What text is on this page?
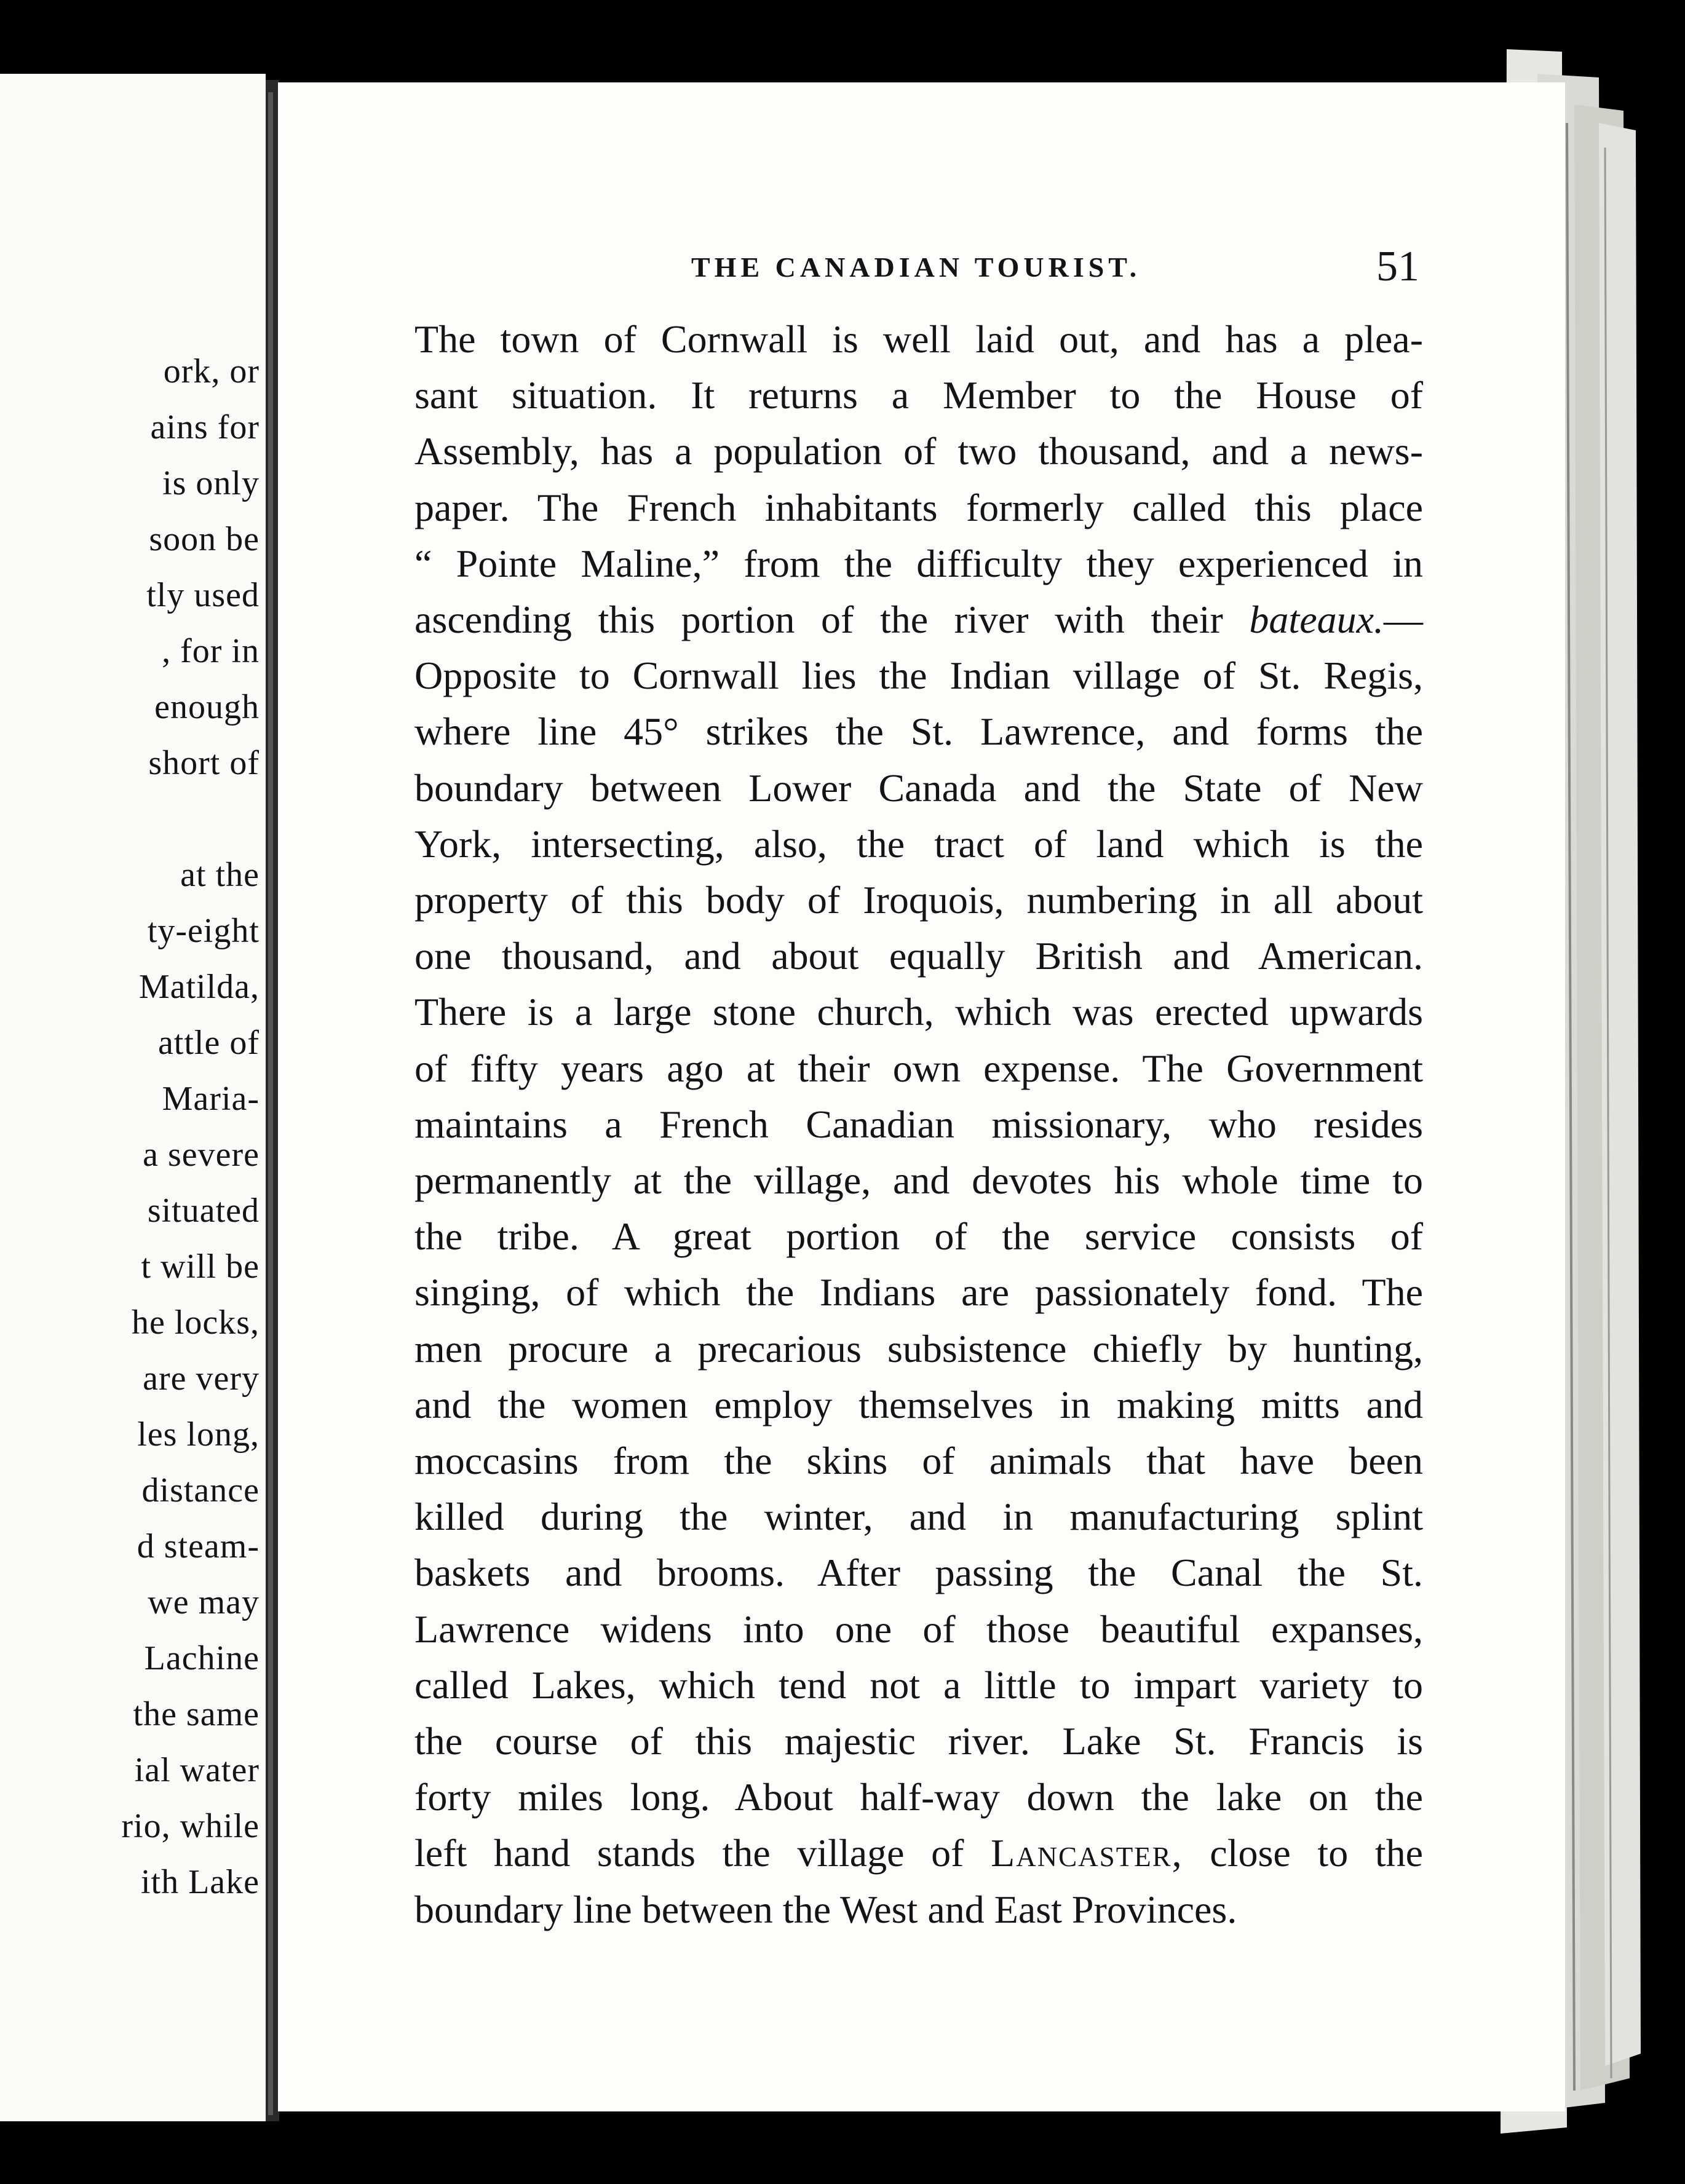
ork, or
ains for
is only
soon be
tly used
, for in
enough
short of
at the
ty-eight
Matilda,
attle of
Maria-
a severe
situated
t will be
he locks,
are very
les long,
distance
d steam-
we may
Lachine
the same
ial water
rio, while
ith Lake
THE CANADIAN TOURIST.	51
The town of Cornwall is well laid out, and has a plea-
sant situation. It returns a Member to the House of
Assembly, has a population of two thousand, and a news-
paper. The French inhabitants formerly called this place
“ Pointe Maline,” from the difficulty they experienced in
ascending this portion of the river with their bateaux.—
Opposite to Cornwall lies the Indian village of St. Regis,
where line 45° strikes the St. Lawrence, and forms the
boundary between Lower Canada and the State of New
York, intersecting, also, the tract of land which is the
property of this body of Iroquois, numbering in all about
one thousand, and about equally British and American.
There is a large stone church, which was erected upwards
of fifty years ago at their own expense. The Government
maintains a French Canadian missionary, who resides
permanently at the village, and devotes his whole time to
the tribe. A great portion of the service consists of
singing, of which the Indians are passionately fond. The
men procure a precarious subsistence chiefly by hunting,
and the women employ themselves in making mitts and
moccasins from the skins of animals that have been
killed during the winter, and in manufacturing splint
baskets and brooms. After passing the Canal the St.
Lawrence widens into one of those beautiful expanses,
called Lakes, which tend not a little to impart variety to
the course of this majestic river. Lake St. Francis is
forty miles long. About half-way down the lake on the
left hand stands the village of Lancaster, close to the
boundary line between the West and East Provinces.
